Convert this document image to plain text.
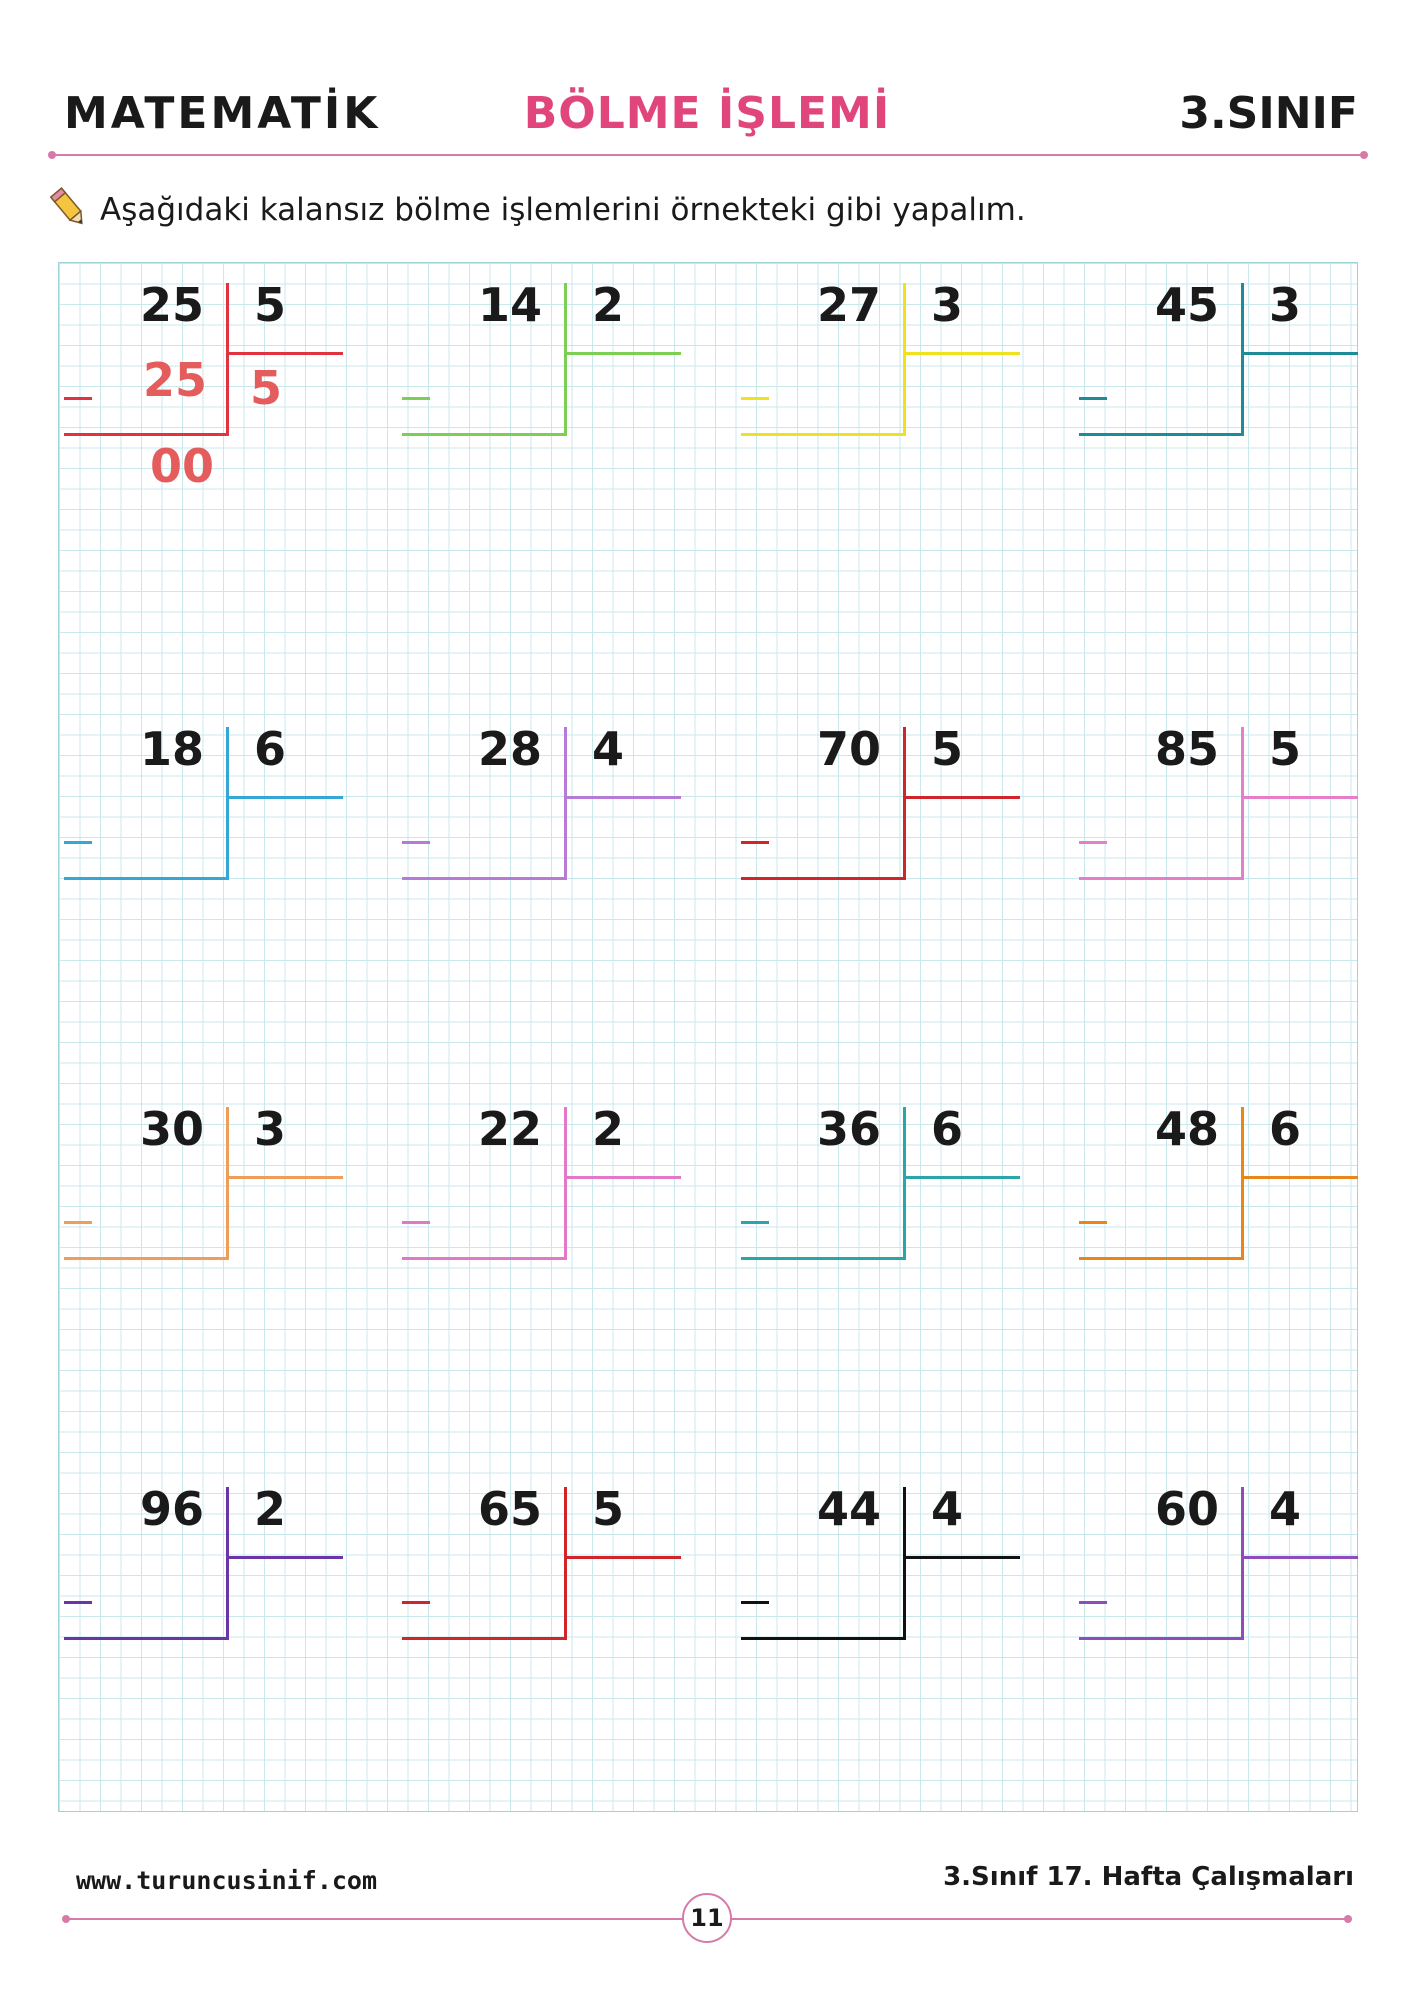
MATEMATİK	BÖLME İŞLEMİ	3.SINIF
Aşağıdaki kalansız bölme işlemlerini örnekteki gibi yapalım.
25 5	14 2	27 3	45 3
18 6	28 4	70 5	85 5
30 3	22 2	36 6	48 6
96 2	65 5	44 4	60 4
www.turuncusinif.com	3.Sınıf 17. Hafta Çalışmaları
11
25 5
00
